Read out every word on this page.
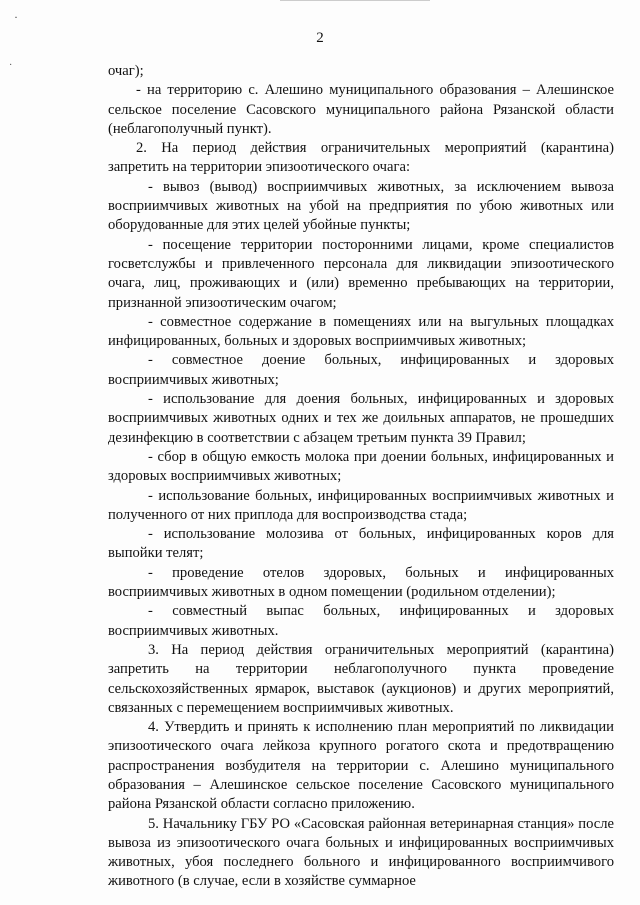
·
·
2

очаг);

- на территорию с. Алешино муниципального образования – Алешинское сельское поселение Сасовского муниципального района Рязанской области (неблагополучный пункт).

2. На период действия ограничительных мероприятий (карантина) запретить на территории эпизоотического очага:

- вывоз (вывод) восприимчивых животных, за исключением вывоза восприимчивых животных на убой на предприятия по убою животных или оборудованные для этих целей убойные пункты;

- посещение территории посторонними лицами, кроме специалистов госветслужбы и привлеченного персонала для ликвидации эпизоотического очага, лиц, проживающих и (или) временно пребывающих на территории, признанной эпизоотическим очагом;

- совместное содержание в помещениях или на выгульных площадках инфицированных, больных и здоровых восприимчивых животных;

- совместное доение больных, инфицированных и здоровых восприимчивых животных;

- использование для доения больных, инфицированных и здоровых восприимчивых животных одних и тех же доильных аппаратов, не прошедших дезинфекцию в соответствии с абзацем третьим пункта 39 Правил;

- сбор в общую емкость молока при доении больных, инфицированных и здоровых восприимчивых животных;

- использование больных, инфицированных восприимчивых животных и полученного от них приплода для воспроизводства стада;

- использование молозива от больных, инфицированных коров для выпойки телят;

- проведение отелов здоровых, больных и инфицированных восприимчивых животных в одном помещении (родильном отделении);

- совместный выпас больных, инфицированных и здоровых восприимчивых животных.

3. На период действия ограничительных мероприятий (карантина) запретить на территории неблагополучного пункта проведение сельскохозяйственных ярмарок, выставок (аукционов) и других мероприятий, связанных с перемещением восприимчивых животных.

4. Утвердить и принять к исполнению план мероприятий по ликвидации эпизоотического очага лейкоза крупного рогатого скота и предотвращению распространения возбудителя на территории с. Алешино муниципального образования – Алешинское сельское поселение Сасовского муниципального района Рязанской области согласно приложению.

5. Начальнику ГБУ РО «Сасовская районная ветеринарная станция» после вывоза из эпизоотического очага больных и инфицированных восприимчивых животных, убоя последнего больного и инфицированного восприимчивого животного (в случае, если в хозяйстве суммарное
